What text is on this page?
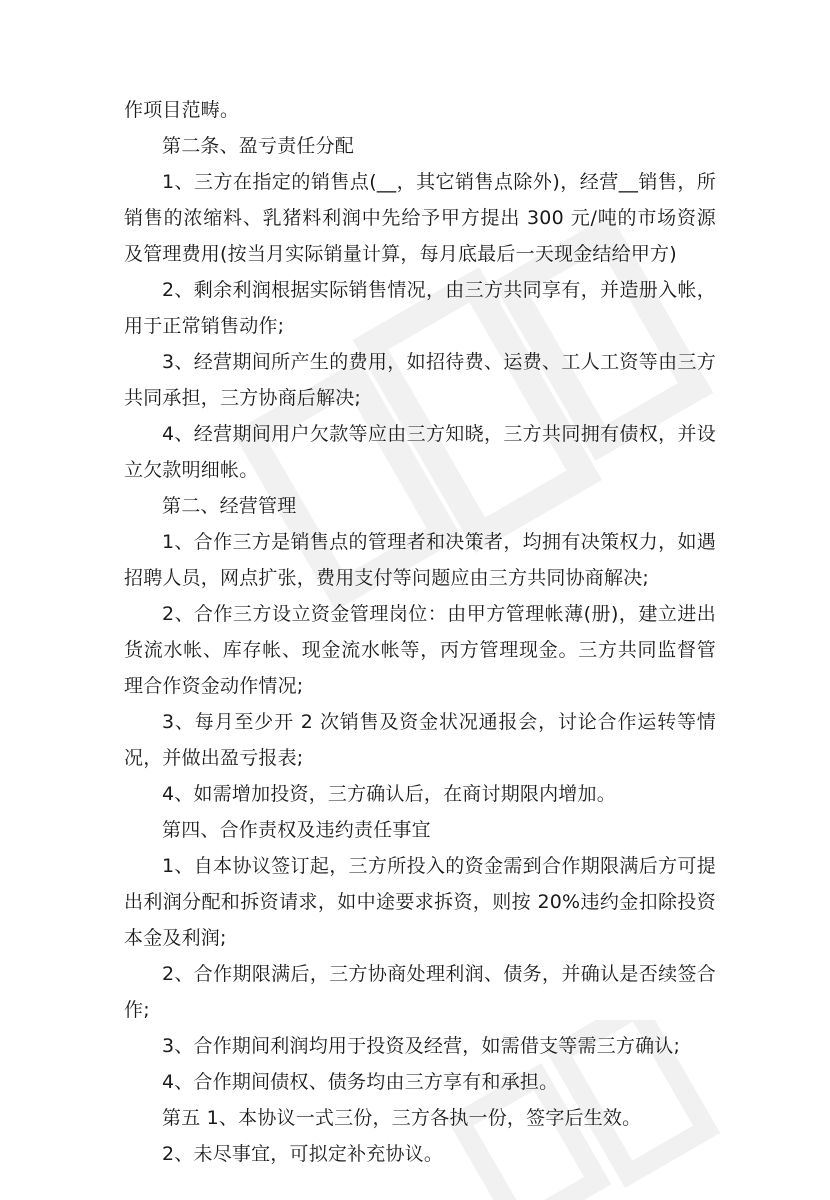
作项目范畴。

第二条、盈亏责任分配

1、三方在指定的销售点(__，其它销售点除外)，经营__销售，所销售的浓缩料、乳猪料利润中先给予甲方提出 300 元/吨的市场资源及管理费用(按当月实际销量计算，每月底最后一天现金结给甲方)

2、剩余利润根据实际销售情况，由三方共同享有，并造册入帐，用于正常销售动作;

3、经营期间所产生的费用，如招待费、运费、工人工资等由三方共同承担，三方协商后解决;

4、经营期间用户欠款等应由三方知晓，三方共同拥有债权，并设立欠款明细帐。

第二、经营管理

1、合作三方是销售点的管理者和决策者，均拥有决策权力，如遇招聘人员，网点扩张，费用支付等问题应由三方共同协商解决;

2、合作三方设立资金管理岗位：由甲方管理帐薄(册)，建立进出货流水帐、库存帐、现金流水帐等，丙方管理现金。三方共同监督管理合作资金动作情况;

3、每月至少开 2 次销售及资金状况通报会，讨论合作运转等情况，并做出盈亏报表;

4、如需增加投资，三方确认后，在商讨期限内增加。

第四、合作责权及违约责任事宜

1、自本协议签订起，三方所投入的资金需到合作期限满后方可提出利润分配和拆资请求，如中途要求拆资，则按 20%违约金扣除投资本金及利润;

2、合作期限满后，三方协商处理利润、债务，并确认是否续签合作;

3、合作期间利润均用于投资及经营，如需借支等需三方确认;

4、合作期间债权、债务均由三方享有和承担。

第五 1、本协议一式三份，三方各执一份，签字后生效。

2、未尽事宜，可拟定补充协议。
